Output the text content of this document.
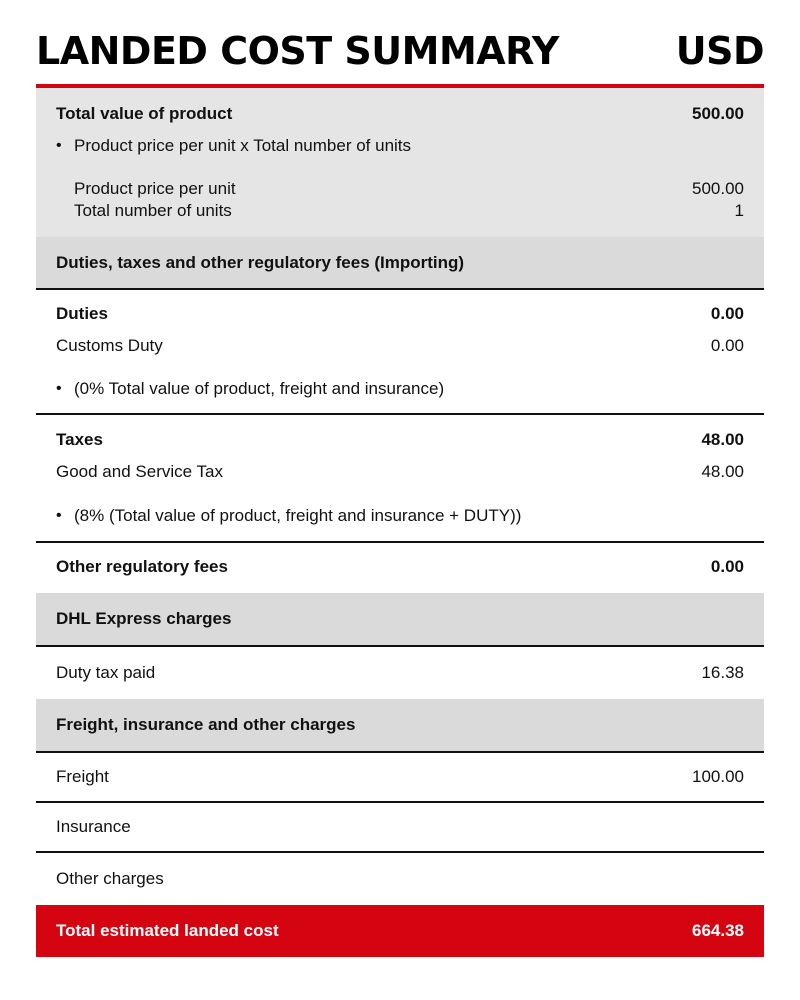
LANDED COST SUMMARY	USD
Total value of product	500.00
• Product price per unit x Total number of units
Product price per unit	500.00
Total number of units	1
Duties, taxes and other regulatory fees (Importing)
Duties	0.00
Customs Duty	0.00
• (0% Total value of product, freight and insurance)
Taxes	48.00
Good and Service Tax	48.00
• (8% (Total value of product, freight and insurance + DUTY))
Other regulatory fees	0.00
DHL Express charges
Duty tax paid	16.38
Freight, insurance and other charges
Freight	100.00
Insurance
Other charges
Total estimated landed cost	664.38
